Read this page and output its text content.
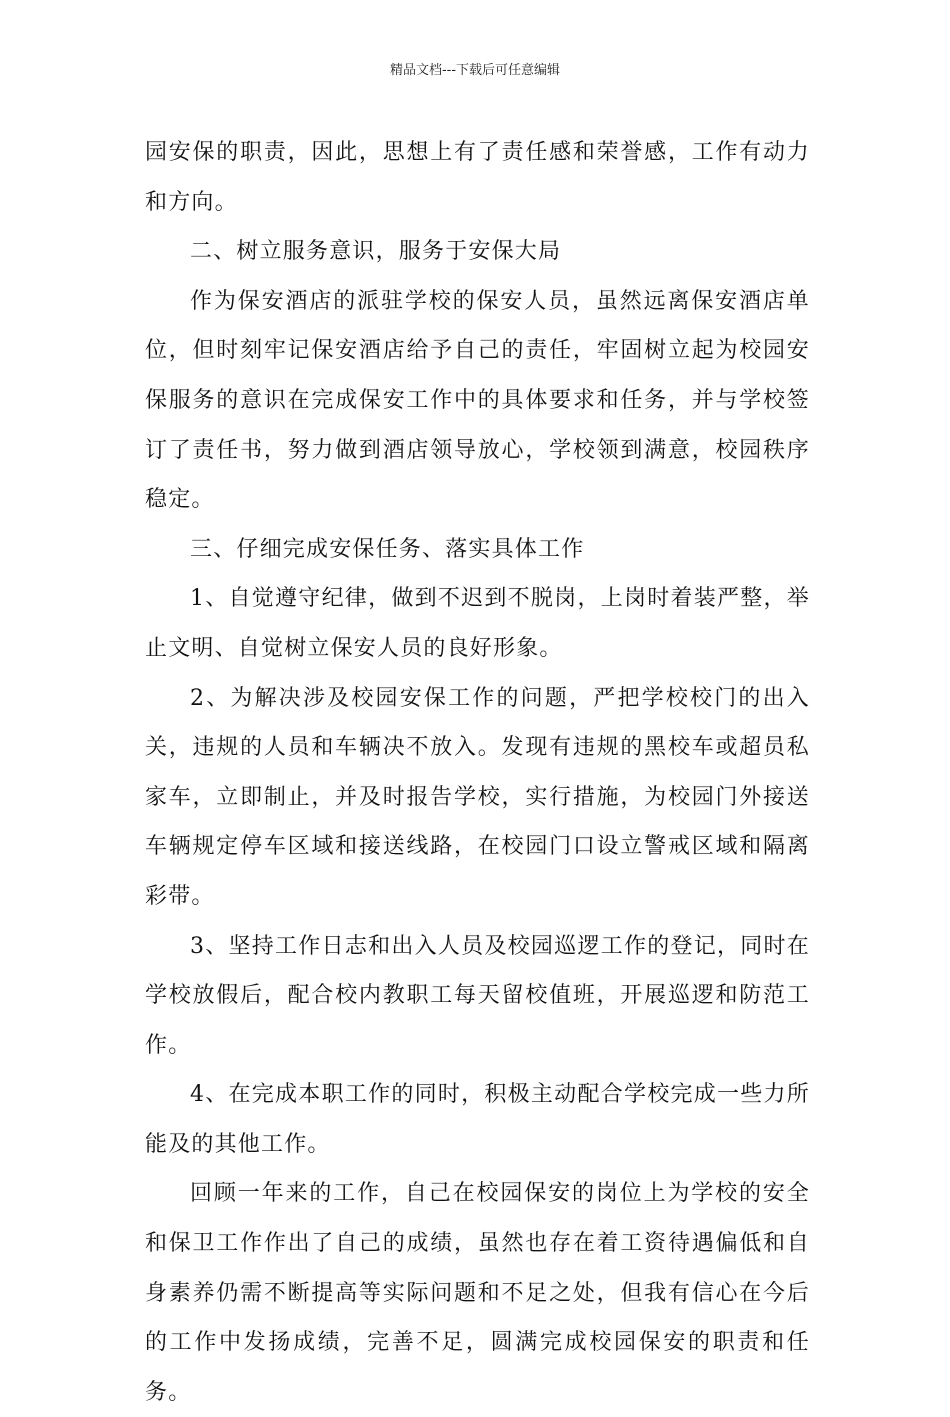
精品文档---下载后可任意编辑

园安保的职责，因此，思想上有了责任感和荣誉感，工作有动力和方向。

二、树立服务意识，服务于安保大局

作为保安酒店的派驻学校的保安人员，虽然远离保安酒店单位，但时刻牢记保安酒店给予自己的责任，牢固树立起为校园安保服务的意识在完成保安工作中的具体要求和任务，并与学校签订了责任书，努力做到酒店领导放心，学校领到满意，校园秩序稳定。

三、仔细完成安保任务、落实具体工作

1、自觉遵守纪律，做到不迟到不脱岗，上岗时着装严整，举止文明、自觉树立保安人员的良好形象。

2、为解决涉及校园安保工作的问题，严把学校校门的出入关，违规的人员和车辆决不放入。发现有违规的黑校车或超员私家车，立即制止，并及时报告学校，实行措施，为校园门外接送车辆规定停车区域和接送线路，在校园门口设立警戒区域和隔离彩带。

3、坚持工作日志和出入人员及校园巡逻工作的登记，同时在学校放假后，配合校内教职工每天留校值班，开展巡逻和防范工作。

4、在完成本职工作的同时，积极主动配合学校完成一些力所能及的其他工作。

回顾一年来的工作，自己在校园保安的岗位上为学校的安全和保卫工作作出了自己的成绩，虽然也存在着工资待遇偏低和自身素养仍需不断提高等实际问题和不足之处，但我有信心在今后的工作中发扬成绩，完善不足，圆满完成校园保安的职责和任务。
